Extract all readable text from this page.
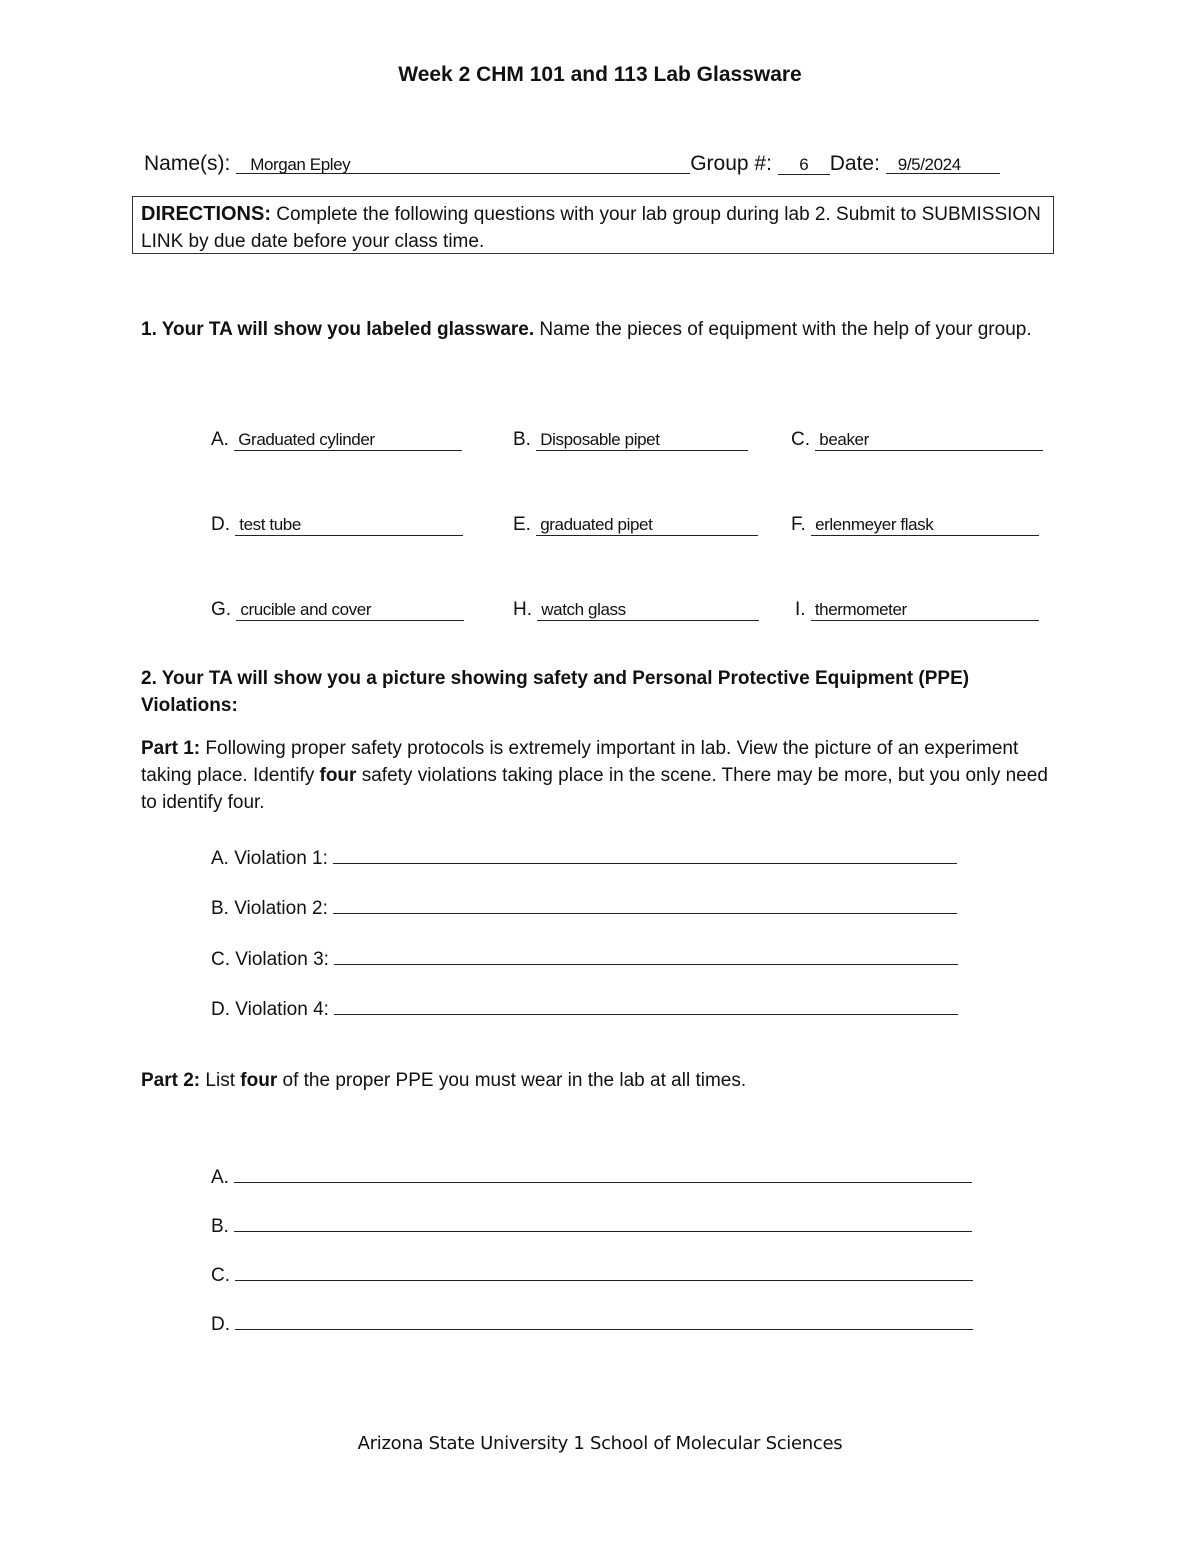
Week 2 CHM 101 and 113 Lab Glassware
Name(s): Morgan Epley	Group #: 6 Date: 9/5/2024
DIRECTIONS: Complete the following questions with your lab group during lab 2. Submit to SUBMISSION LINK by due date before your class time.
1. Your TA will show you labeled glassware. Name the pieces of equipment with the help of your group.
A. Graduated cylinder	B. Disposable pipet	C. beaker
D. test tube	E. graduated pipet	F. erlenmeyer flask
G. crucible and cover	H. watch glass	I. thermometer
2. Your TA will show you a picture showing safety and Personal Protective Equipment (PPE) Violations:
Part 1: Following proper safety protocols is extremely important in lab. View the picture of an experiment taking place. Identify four safety violations taking place in the scene. There may be more, but you only need to identify four.
A. Violation 1:
B. Violation 2:
C. Violation 3:
D. Violation 4:
Part 2: List four of the proper PPE you must wear in the lab at all times.
A.
B.
C.
D.
Arizona State University 1 School of Molecular Sciences
